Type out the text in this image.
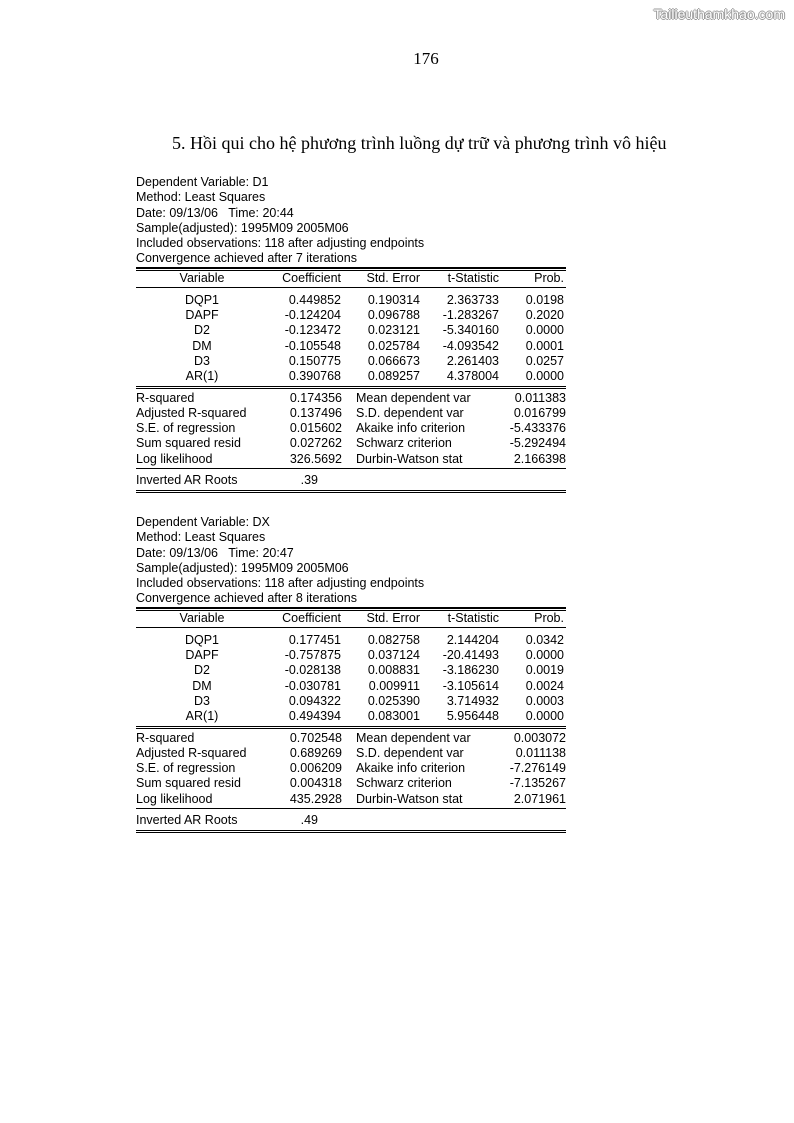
Tailieuthamkhao.com
176
5. Hồi qui cho hệ phương trình luồng dự trữ và phương trình vô hiệu
Dependent Variable: D1
Method: Least Squares
Date: 09/13/06   Time: 20:44
Sample(adjusted): 1995M09 2005M06
Included observations: 118 after adjusting endpoints
Convergence achieved after 7 iterations
Variable	Coefficient	Std. Error	t-Statistic	Prob.
DQP1	0.449852	0.190314	2.363733	0.0198
DAPF	-0.124204	0.096788	-1.283267	0.2020
D2	-0.123472	0.023121	-5.340160	0.0000
DM	-0.105548	0.025784	-4.093542	0.0001
D3	0.150775	0.066673	2.261403	0.0257
AR(1)	0.390768	0.089257	4.378004	0.0000
R-squared	0.174356 Mean dependent var	0.011383
Adjusted R-squared	0.137496 S.D. dependent var	0.016799
S.E. of regression	0.015602 Akaike info criterion	-5.433376
Sum squared resid	0.027262 Schwarz criterion	-5.292494
Log likelihood	326.5692 Durbin-Watson stat	2.166398
Inverted AR Roots	.39
Dependent Variable: DX
Method: Least Squares
Date: 09/13/06   Time: 20:47
Sample(adjusted): 1995M09 2005M06
Included observations: 118 after adjusting endpoints
Convergence achieved after 8 iterations
Variable	Coefficient	Std. Error	t-Statistic	Prob.
DQP1	0.177451	0.082758	2.144204	0.0342
DAPF	-0.757875	0.037124	-20.41493	0.0000
D2	-0.028138	0.008831	-3.186230	0.0019
DM	-0.030781	0.009911	-3.105614	0.0024
D3	0.094322	0.025390	3.714932	0.0003
AR(1)	0.494394	0.083001	5.956448	0.0000
R-squared	0.702548 Mean dependent var	0.003072
Adjusted R-squared	0.689269 S.D. dependent var	0.011138
S.E. of regression	0.006209 Akaike info criterion	-7.276149
Sum squared resid	0.004318 Schwarz criterion	-7.135267
Log likelihood	435.2928 Durbin-Watson stat	2.071961
Inverted AR Roots	.49
